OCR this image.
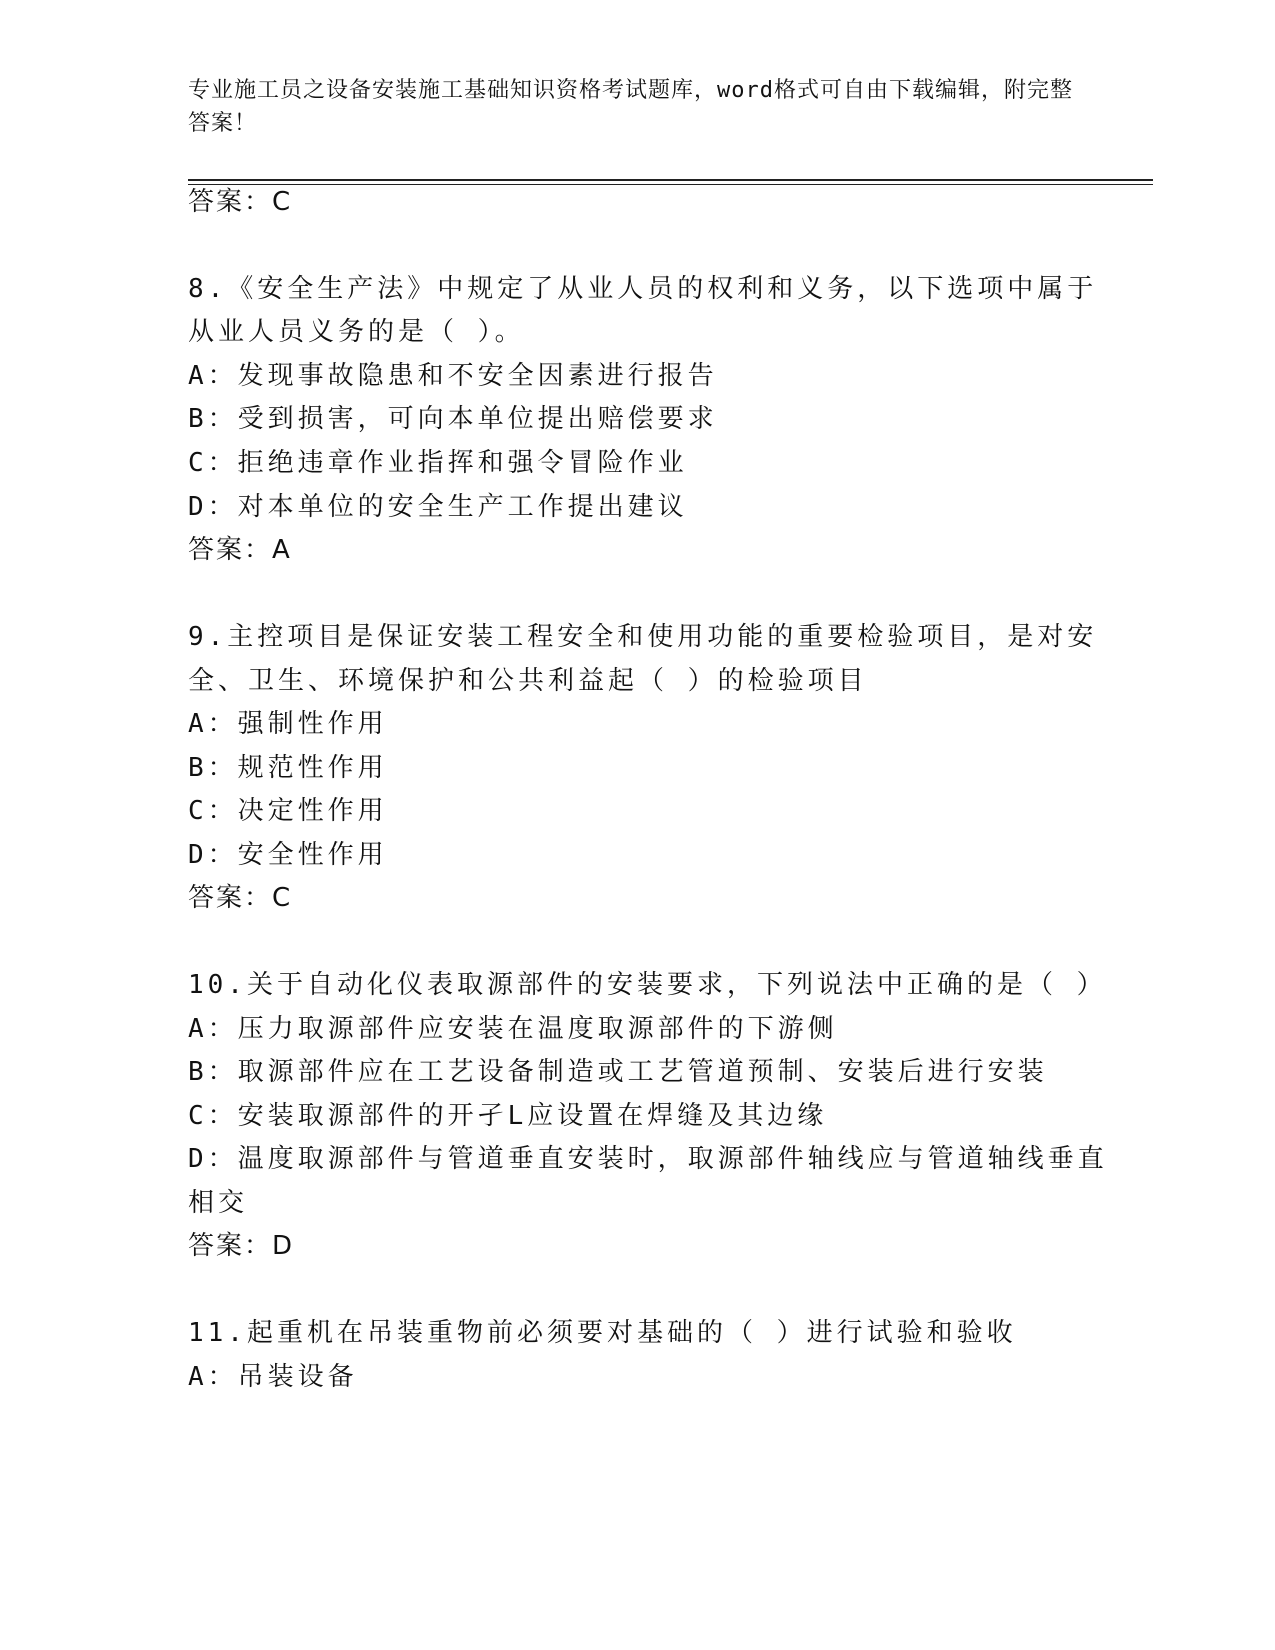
专业施工员之设备安装施工基础知识资格考试题库，word格式可自由下载编辑，附完整答案！
答案：C
8.《安全生产法》中规定了从业人员的权利和义务，以下选项中属于
从业人员义务的是（ ）。
A：发现事故隐患和不安全因素进行报告
B：受到损害，可向本单位提出赔偿要求
C：拒绝违章作业指挥和强令冒险作业
D：对本单位的安全生产工作提出建议
答案：A
9.主控项目是保证安装工程安全和使用功能的重要检验项目，是对安
全、卫生、环境保护和公共利益起（ ）的检验项目
A：强制性作用
B：规范性作用
C：决定性作用
D：安全性作用
答案：C
10.关于自动化仪表取源部件的安装要求，下列说法中正确的是（ ）
A：压力取源部件应安装在温度取源部件的下游侧
B：取源部件应在工艺设备制造或工艺管道预制、安装后进行安装
C：安装取源部件的开孑L应设置在焊缝及其边缘
D：温度取源部件与管道垂直安装时，取源部件轴线应与管道轴线垂直
相交
答案：D
11.起重机在吊装重物前必须要对基础的（ ）进行试验和验收
A：吊装设备
